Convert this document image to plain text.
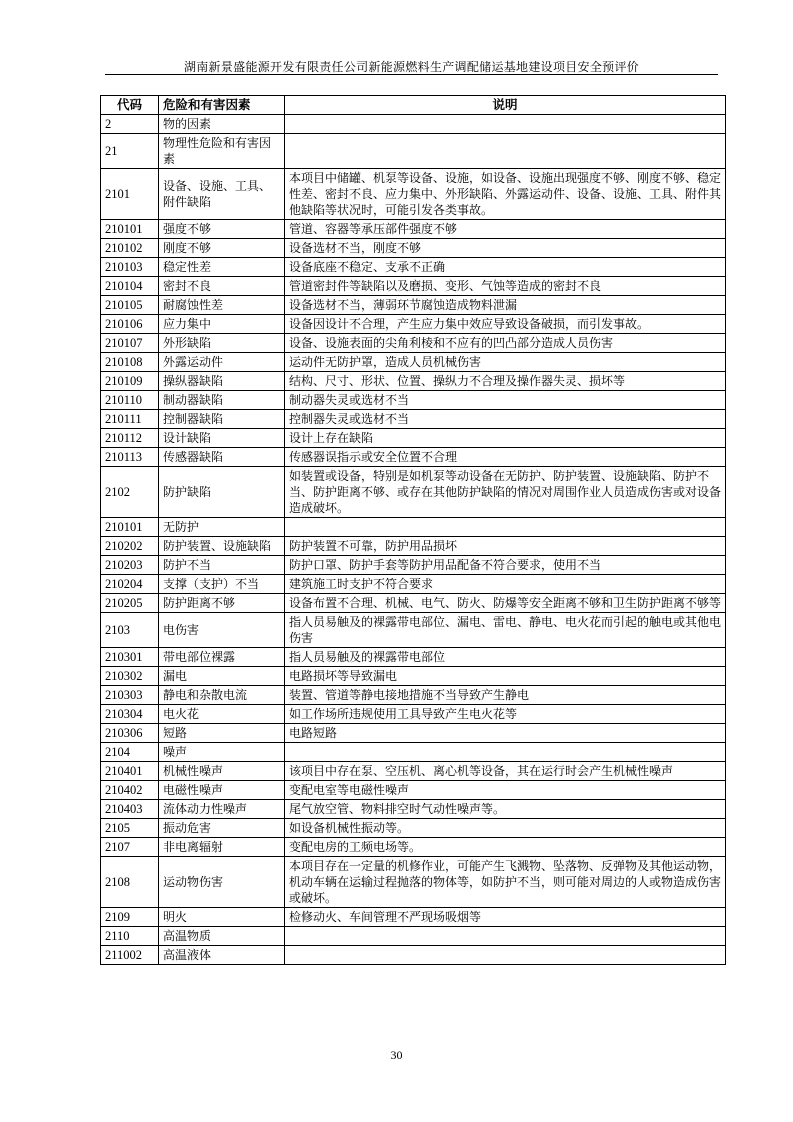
湖南新景盛能源开发有限责任公司新能源燃料生产调配储运基地建设项目安全预评价
代码	危险和有害因素	说明
2	物的因素	
21	物理性危险和有害因素	
2101	设备、设施、工具、附件缺陷	本项目中储罐、机泵等设备、设施，如设备、设施出现强度不够、刚度不够、稳定性差、密封不良、应力集中、外形缺陷、外露运动件、设备、设施、工具、附件其他缺陷等状况时，可能引发各类事故。
210101	强度不够	管道、容器等承压部件强度不够
210102	刚度不够	设备选材不当，刚度不够
210103	稳定性差	设备底座不稳定、支承不正确
210104	密封不良	管道密封件等缺陷以及磨损、变形、气蚀等造成的密封不良
210105	耐腐蚀性差	设备选材不当，薄弱环节腐蚀造成物料泄漏
210106	应力集中	设备因设计不合理，产生应力集中效应导致设备破损，而引发事故。
210107	外形缺陷	设备、设施表面的尖角利棱和不应有的凹凸部分造成人员伤害
210108	外露运动件	运动件无防护罩，造成人员机械伤害
210109	操纵器缺陷	结构、尺寸、形状、位置、操纵力不合理及操作器失灵、损坏等
210110	制动器缺陷	制动器失灵或选材不当
210111	控制器缺陷	控制器失灵或选材不当
210112	设计缺陷	设计上存在缺陷
210113	传感器缺陷	传感器误指示或安全位置不合理
2102	防护缺陷	如装置或设备，特别是如机泵等动设备在无防护、防护装置、设施缺陷、防护不当、防护距离不够、或存在其他防护缺陷的情况对周围作业人员造成伤害或对设备造成破坏。
210101	无防护	
210202	防护装置、设施缺陷	防护装置不可靠，防护用品损坏
210203	防护不当	防护口罩、防护手套等防护用品配备不符合要求，使用不当
210204	支撑（支护）不当	建筑施工时支护不符合要求
210205	防护距离不够	设备布置不合理、机械、电气、防火、防爆等安全距离不够和卫生防护距离不够等
2103	电伤害	指人员易触及的裸露带电部位、漏电、雷电、静电、电火花而引起的触电或其他电伤害
210301	带电部位裸露	指人员易触及的裸露带电部位
210302	漏电	电路损坏等导致漏电
210303	静电和杂散电流	装置、管道等静电接地措施不当导致产生静电
210304	电火花	如工作场所违规使用工具导致产生电火花等
210306	短路	电路短路
2104	噪声	
210401	机械性噪声	该项目中存在泵、空压机、离心机等设备，其在运行时会产生机械性噪声
210402	电磁性噪声	变配电室等电磁性噪声
210403	流体动力性噪声	尾气放空管、物料排空时气动性噪声等。
2105	振动危害	如设备机械性振动等。
2107	非电离辐射	变配电房的工频电场等。
2108	运动物伤害	本项目存在一定量的机修作业，可能产生飞溅物、坠落物、反弹物及其他运动物，机动车辆在运输过程抛落的物体等，如防护不当，则可能对周边的人或物造成伤害或破坏。
2109	明火	检修动火、车间管理不严现场吸烟等
2110	高温物质	
211002	高温液体	
30
